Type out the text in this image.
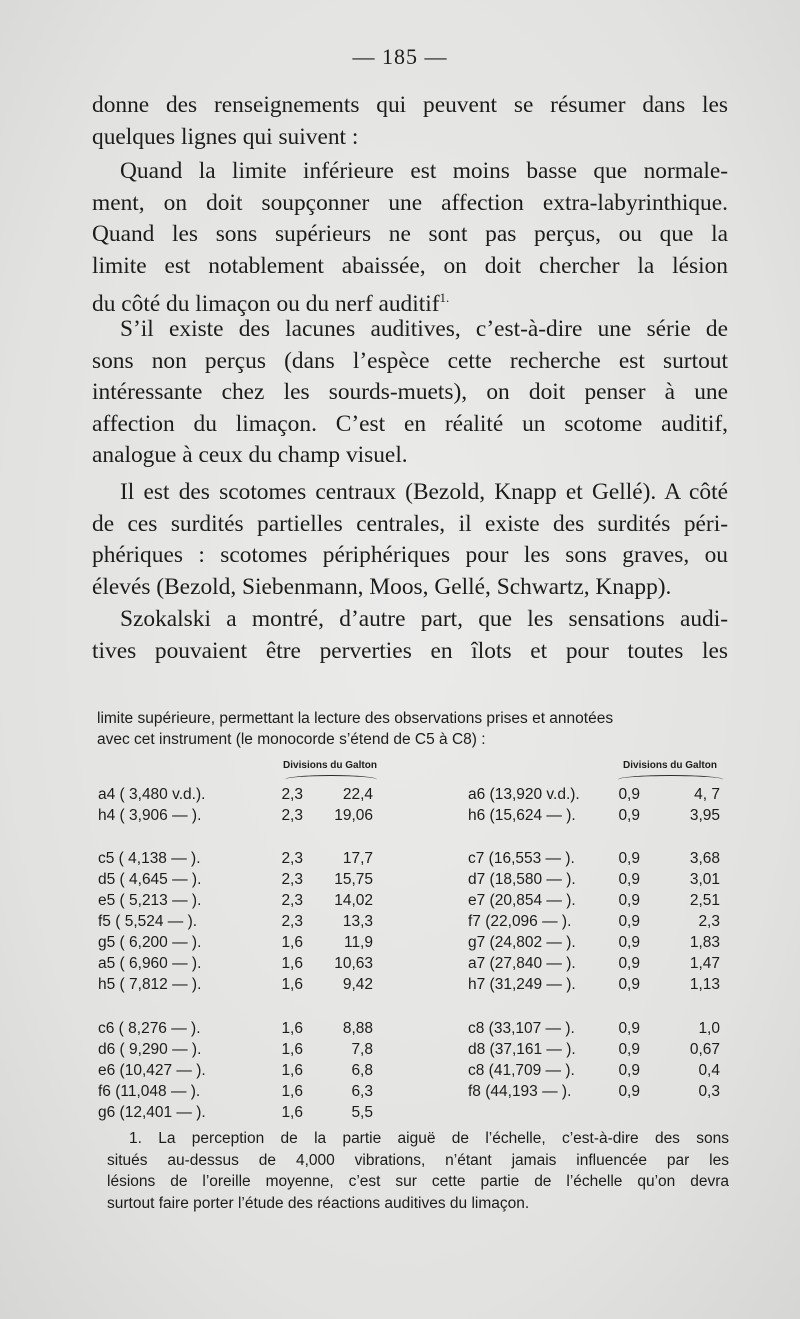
— 185 —
donne des renseignements qui peuvent se résumer dans les
quelques lignes qui suivent :
Quand la limite inférieure est moins basse que normale-
ment, on doit soupçonner une affection extra-labyrinthique.
Quand les sons supérieurs ne sont pas perçus, ou que la
limite est notablement abaissée, on doit chercher la lésion
du côté du limaçon ou du nerf auditif$^{1.}$
S’il existe des lacunes auditives, c’est-à-dire une série de
sons non perçus (dans l’espèce cette recherche est surtout
intéressante chez les sourds-muets), on doit penser à une
affection du limaçon. C’est en réalité un scotome auditif,
analogue à ceux du champ visuel.
Il est des scotomes centraux (Bezold, Knapp et Gellé). A côté
de ces surdités partielles centrales, il existe des surdités péri-
phériques : scotomes périphériques pour les sons graves, ou
élevés (Bezold, Siebenmann, Moos, Gellé, Schwartz, Knapp).
Szokalski a montré, d’autre part, que les sensations audi-
tives pouvaient être perverties en îlots et pour toutes les
limite supérieure, permettant la lecture des observations prises et annotées
avec cet instrument (le monocorde s’étend de C5 à C8) :
Divisions du Galton	Divisions du Galton
1. La perception de la partie aiguë de l’échelle, c’est-à-dire des sons
situés au-dessus de 4,000 vibrations, n’étant jamais influencée par les
lésions de l’oreille moyenne, c’est sur cette partie de l’échelle qu’on devra
surtout faire porter l’étude des réactions auditives du limaçon.
a4 ( 3,480 v.d.).	2,3	22,4
h4 ( 3,906 — ).	2,3	19,06
c5 ( 4,138 — ).	2,3	17,7
d5 ( 4,645 — ).	2,3	15,75
e5 ( 5,213 — ).	2,3	14,02
f5 ( 5,524 — ).	2,3	13,3
g5 ( 6,200 — ).	1,6	11,9
a5 ( 6,960 — ).	1,6	10,63
h5 ( 7,812 — ).	1,6	9,42
c6 ( 8,276 — ).	1,6	8,88
d6 ( 9,290 — ).	1,6	7,8
e6 (10,427 — ).	1,6	6,8
f6 (11,048 — ).	1,6	6,3
g6 (12,401 — ).	1,6	5,5
a6 (13,920 v.d.).	0,9	4, 7
h6 (15,624 — ).	0,9	3,95
c7 (16,553 — ).	0,9	3,68
d7 (18,580 — ).	0,9	3,01
e7 (20,854 — ).	0,9	2,51
f7 (22,096 — ).	0,9	2,3
g7 (24,802 — ).	0,9	1,83
a7 (27,840 — ).	0,9	1,47
h7 (31,249 — ).	0,9	1,13
c8 (33,107 — ).	0,9	1,0
d8 (37,161 — ).	0,9	0,67
c8 (41,709 — ).	0,9	0,4
f8 (44,193 — ).	0,9	0,3
